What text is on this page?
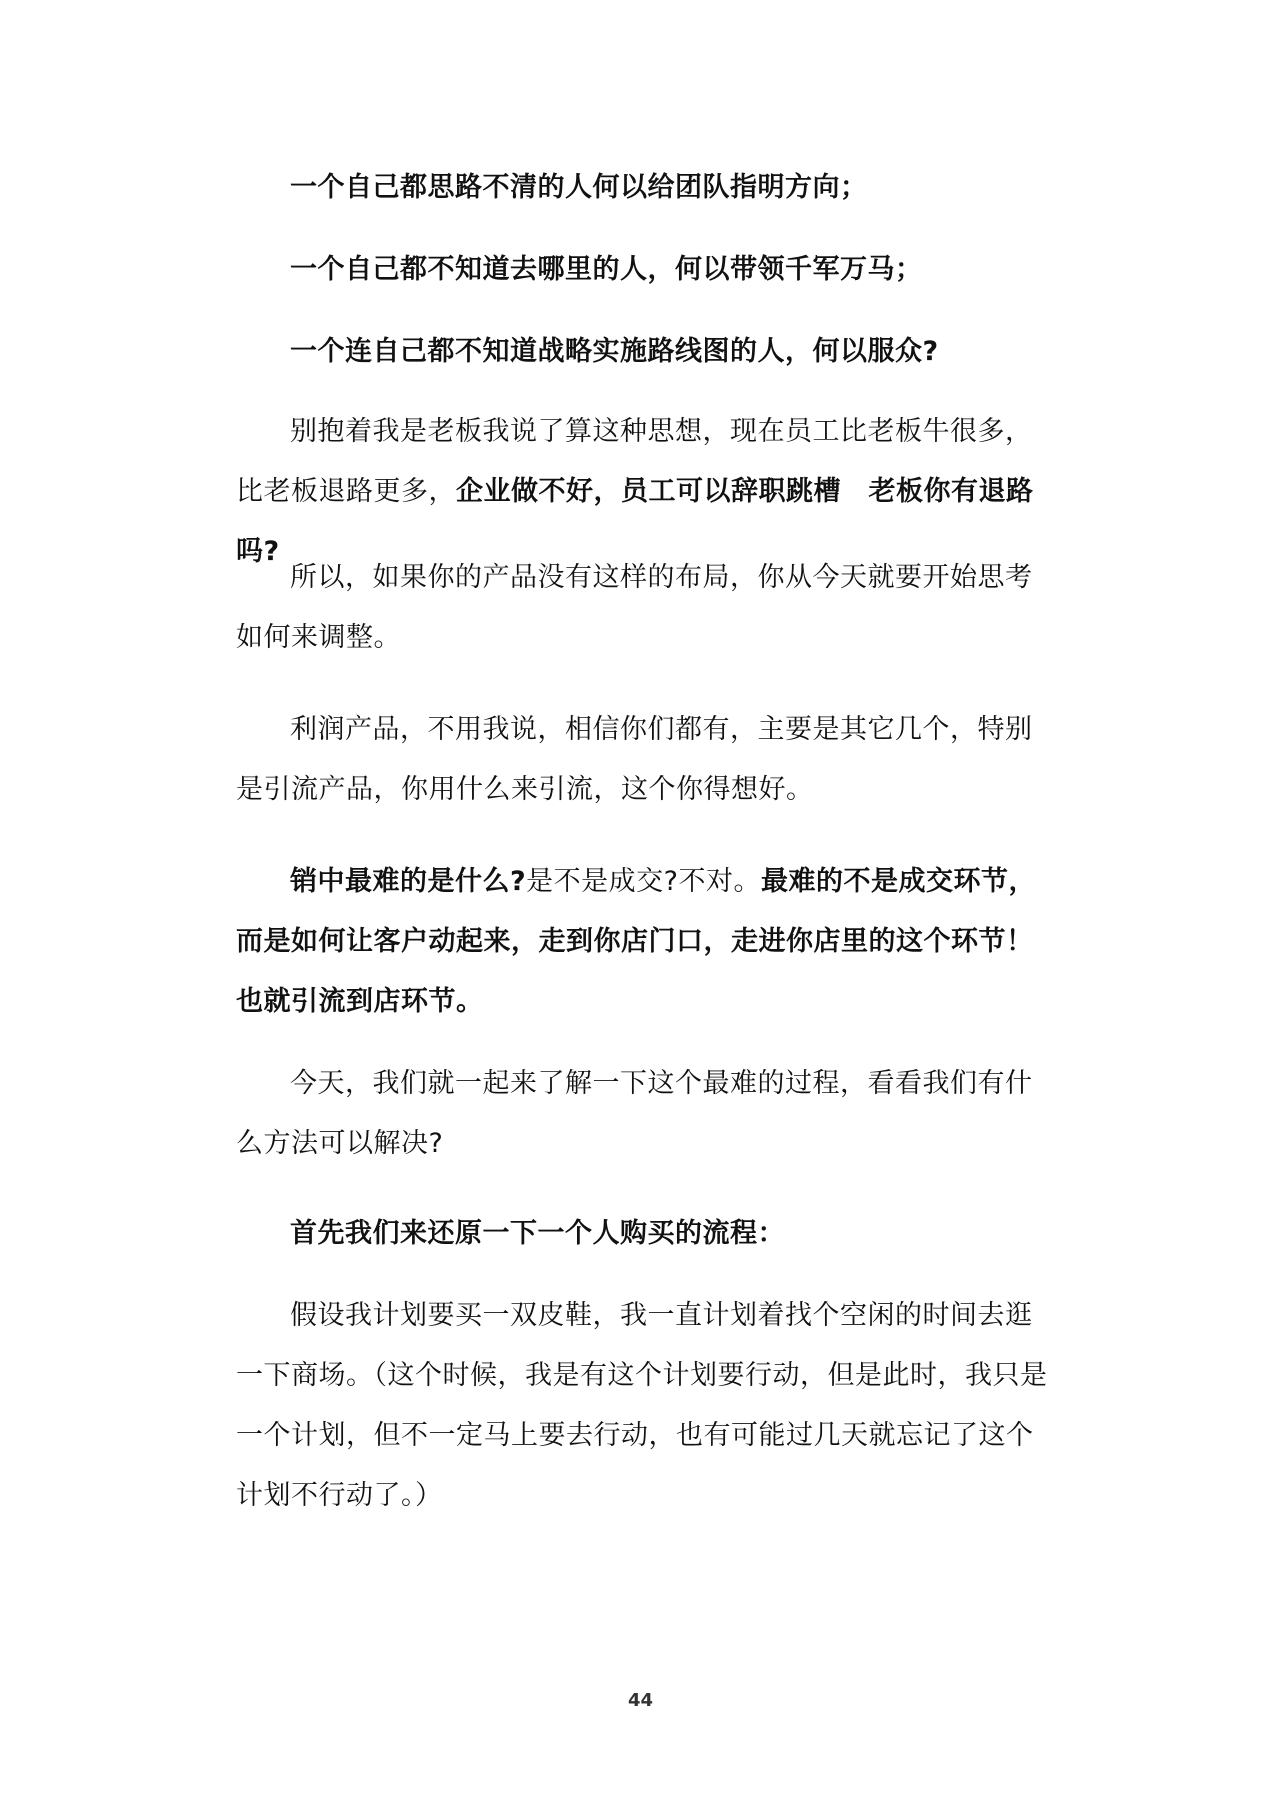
一个自己都思路不清的人何以给团队指明方向；

一个自己都不知道去哪里的人，何以带领千军万马；

一个连自己都不知道战略实施路线图的人，何以服众?

别抱着我是老板我说了算这种思想，现在员工比老板牛很多，比老板退路更多，企业做不好，员工可以辞职跳槽　老板你有退路吗?

所以，如果你的产品没有这样的布局，你从今天就要开始思考如何来调整。

利润产品，不用我说，相信你们都有，主要是其它几个，特别是引流产品，你用什么来引流，这个你得想好。

销中最难的是什么?是不是成交?不对。最难的不是成交环节，而是如何让客户动起来，走到你店门口，走进你店里的这个环节！也就引流到店环节。

今天，我们就一起来了解一下这个最难的过程，看看我们有什么方法可以解决?

首先我们来还原一下一个人购买的流程：

假设我计划要买一双皮鞋，我一直计划着找个空闲的时间去逛一下商场。（这个时候，我是有这个计划要行动，但是此时，我只是一个计划，但不一定马上要去行动，也有可能过几天就忘记了这个计划不行动了。）

44
